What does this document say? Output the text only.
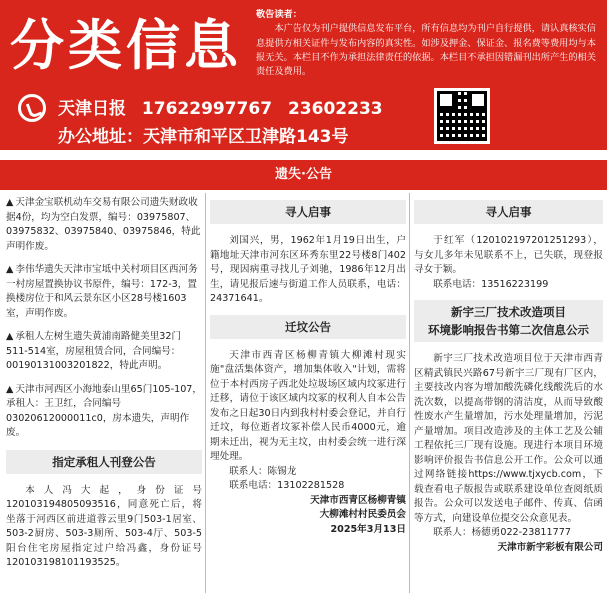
分类信息	敬告读者：
本广告仅为刊户提供信息发布平台，所有信息均为刊户自行提供，请认真核实信息提供方相关证件与发布内容的真实性。如涉及押金、保证金、报名费等费用均与本报无关。本栏目不作为承担法律责任的依据。本栏目不承担因错漏刊出所产生的相关责任及费用。
天津日报 17622997767 23602233
办公地址：天津市和平区卫津路143号
遗失·公告
▲ 天津金宝联机动车交易有限公司遗失财政收据4份，均为空白发票，编号：03975807、03975832、03975840、03975846，特此声明作废。
▲ 李伟华遗失天津市宝坻中关村项目区西河务一村房屋置换协议书原件，编号：172-3，置换楼房位于和风云景东区小区28号楼1603室，声明作废。
▲ 承租人左树生遗失黄浦南路健美里32门511-514室，房屋租赁合同，合同编号：00190131003201822，特此声明。
▲ 天津市河西区小海地泰山里65门105-107，承租人：王卫红，合同编号03020612000011c0，房本遗失，声明作废。
指定承租人刊登公告
本人冯大起，身份证号120103194805093516，同意死亡后，将坐落于河西区前进道蓉云里9门503-1居室、503-2厨房、503-3厕所、503-4厅、503-5阳台住宅房屋指定过户给冯鑫，身份证号120103198101193525。
寻人启事
刘国兴，男，1962年1月19日出生，户籍地址天津市河东区环秀东里22号楼8门402号，现因病重寻找儿子刘驰，1986年12月出生，请见报后速与街道工作人员联系，电话：24371641。
迁坟公告
天津市西青区杨柳青镇大柳滩村现实施"盘活集体资产，增加集体收入"计划，需将位于本村西房子西北处垃圾场区域内坟冢进行迁移，请位于该区域内坟冢的权利人自本公告发布之日起30日内到我村村委会登记，并自行迁坟，每位逝者坟冢补偿人民币4000元，逾期未迁出，视为无主坟，由村委会统一进行深埋处理。
联系人：陈锡龙
联系电话：13102281528
天津市西青区杨柳青镇
大柳滩村村民委员会
2025年3月13日
寻人启事
于红军（120102197201251293），与女儿多年未见联系不上，已失联，现登报寻女于颖。
联系电话：13516223199
新宇三厂技术改造项目
环境影响报告书第二次信息公示
新宇三厂技术改造项目位于天津市西青区精武镇民兴路67号新宇三厂现有厂区内，主要技改内容为增加酸洗磷化线酸洗后的水洗次数，以提高带钢的清洁度，从而导致酸性废水产生量增加，污水处理量增加，污泥产量增加。项目改造涉及的主体工艺及公辅工程依托三厂现有设施。现进行本项目环境影响评价报告书信息公开工作。公众可以通过网络链接https://www.tjxycb.com，下载查看电子版报告或联系建设单位查阅纸质报告。公众可以发送电子邮件、传真、信函等方式，向建设单位提交公众意见表。
联系人：杨德勇022-23811777
天津市新宇彩板有限公司
